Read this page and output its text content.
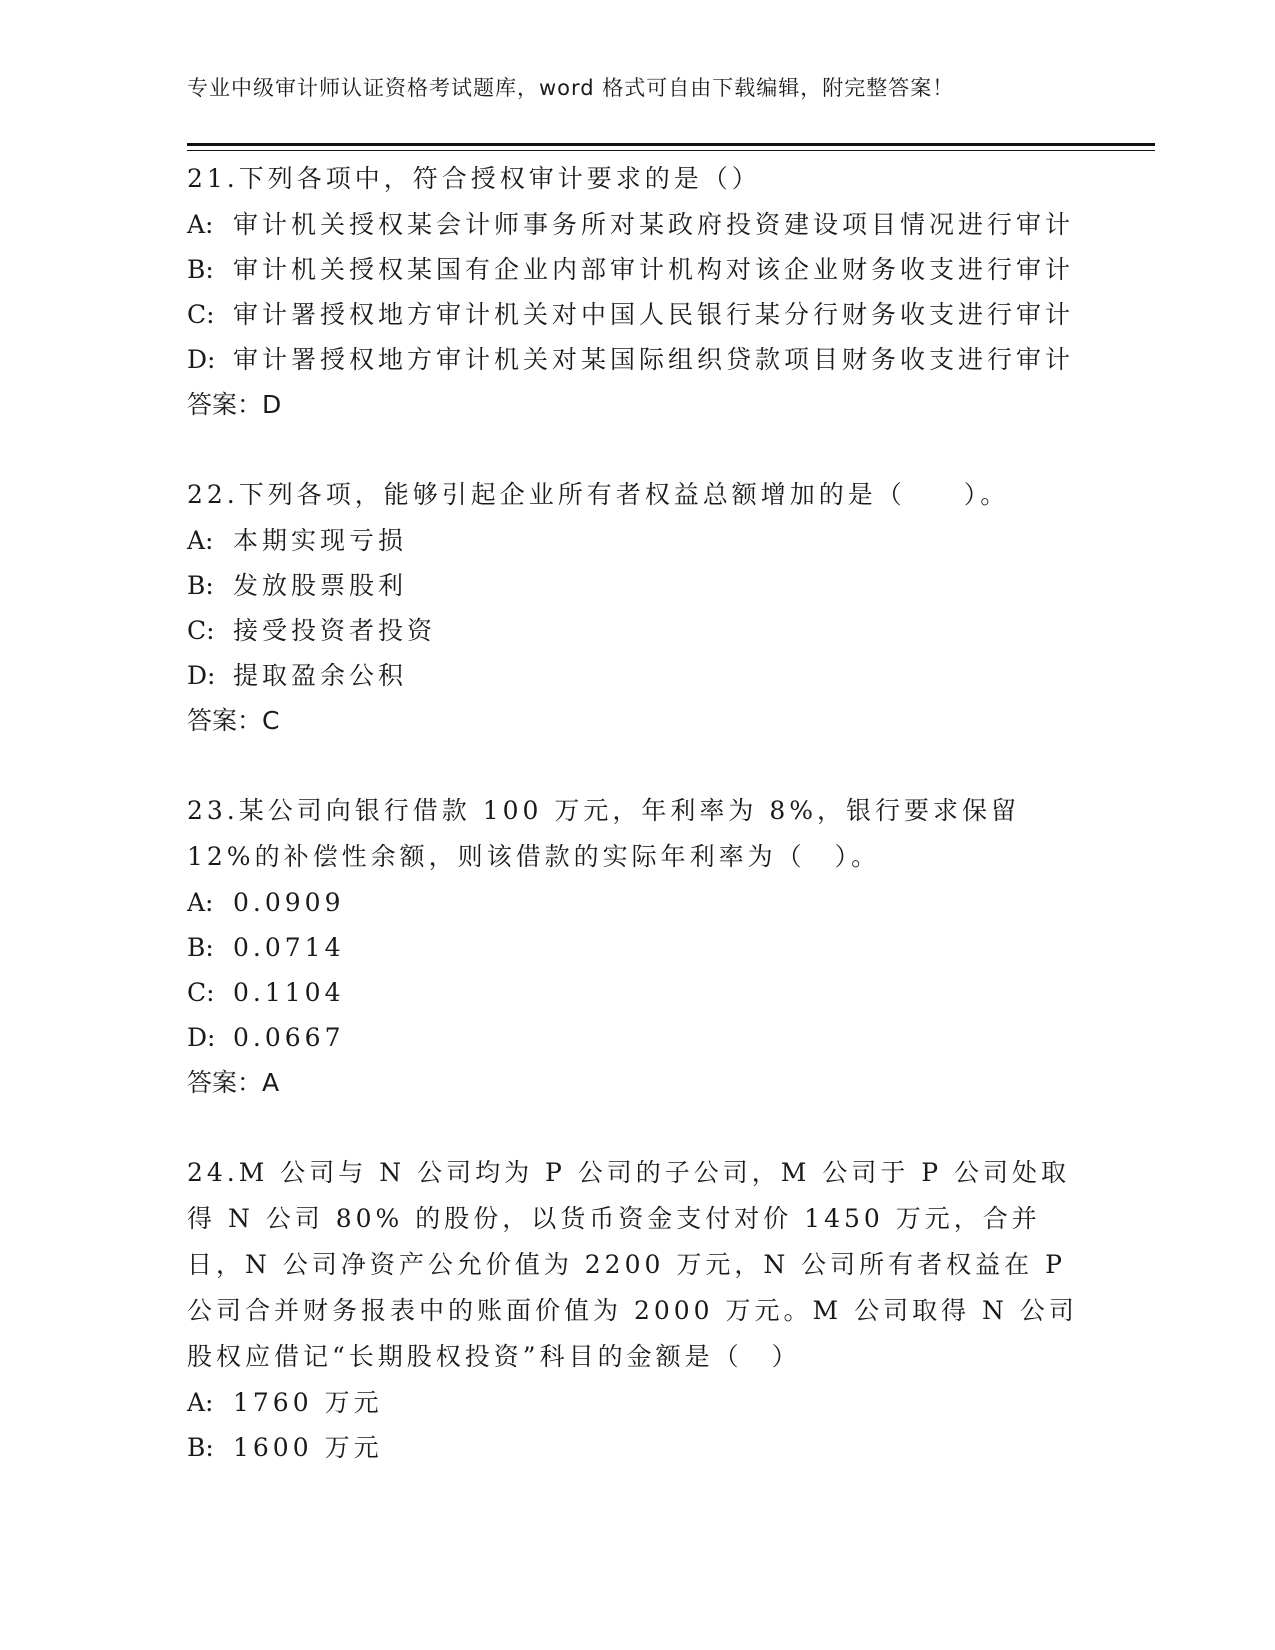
专业中级审计师认证资格考试题库，word 格式可自由下载编辑，附完整答案！

21.下列各项中，符合授权审计要求的是（）

A: 审计机关授权某会计师事务所对某政府投资建设项目情况进行审计

B: 审计机关授权某国有企业内部审计机构对该企业财务收支进行审计

C: 审计署授权地方审计机关对中国人民银行某分行财务收支进行审计

D: 审计署授权地方审计机关对某国际组织贷款项目财务收支进行审计

答案：D

22.下列各项，能够引起企业所有者权益总额增加的是（　　）。

A: 本期实现亏损

B: 发放股票股利

C: 接受投资者投资

D: 提取盈余公积

答案：C

23.某公司向银行借款 100 万元，年利率为 8%，银行要求保留 12%的补偿性余额，则该借款的实际年利率为（　）。

A: 0.0909

B: 0.0714

C: 0.1104

D: 0.0667

答案：A

24.M 公司与 N 公司均为 P 公司的子公司，M 公司于 P 公司处取得 N 公司 80% 的股份，以货币资金支付对价 1450 万元，合并日，N 公司净资产公允价值为 2200 万元，N 公司所有者权益在 P 公司合并财务报表中的账面价值为 2000 万元。M 公司取得 N 公司股权应借记“长期股权投资”科目的金额是（　）

A: 1760 万元

B: 1600 万元
